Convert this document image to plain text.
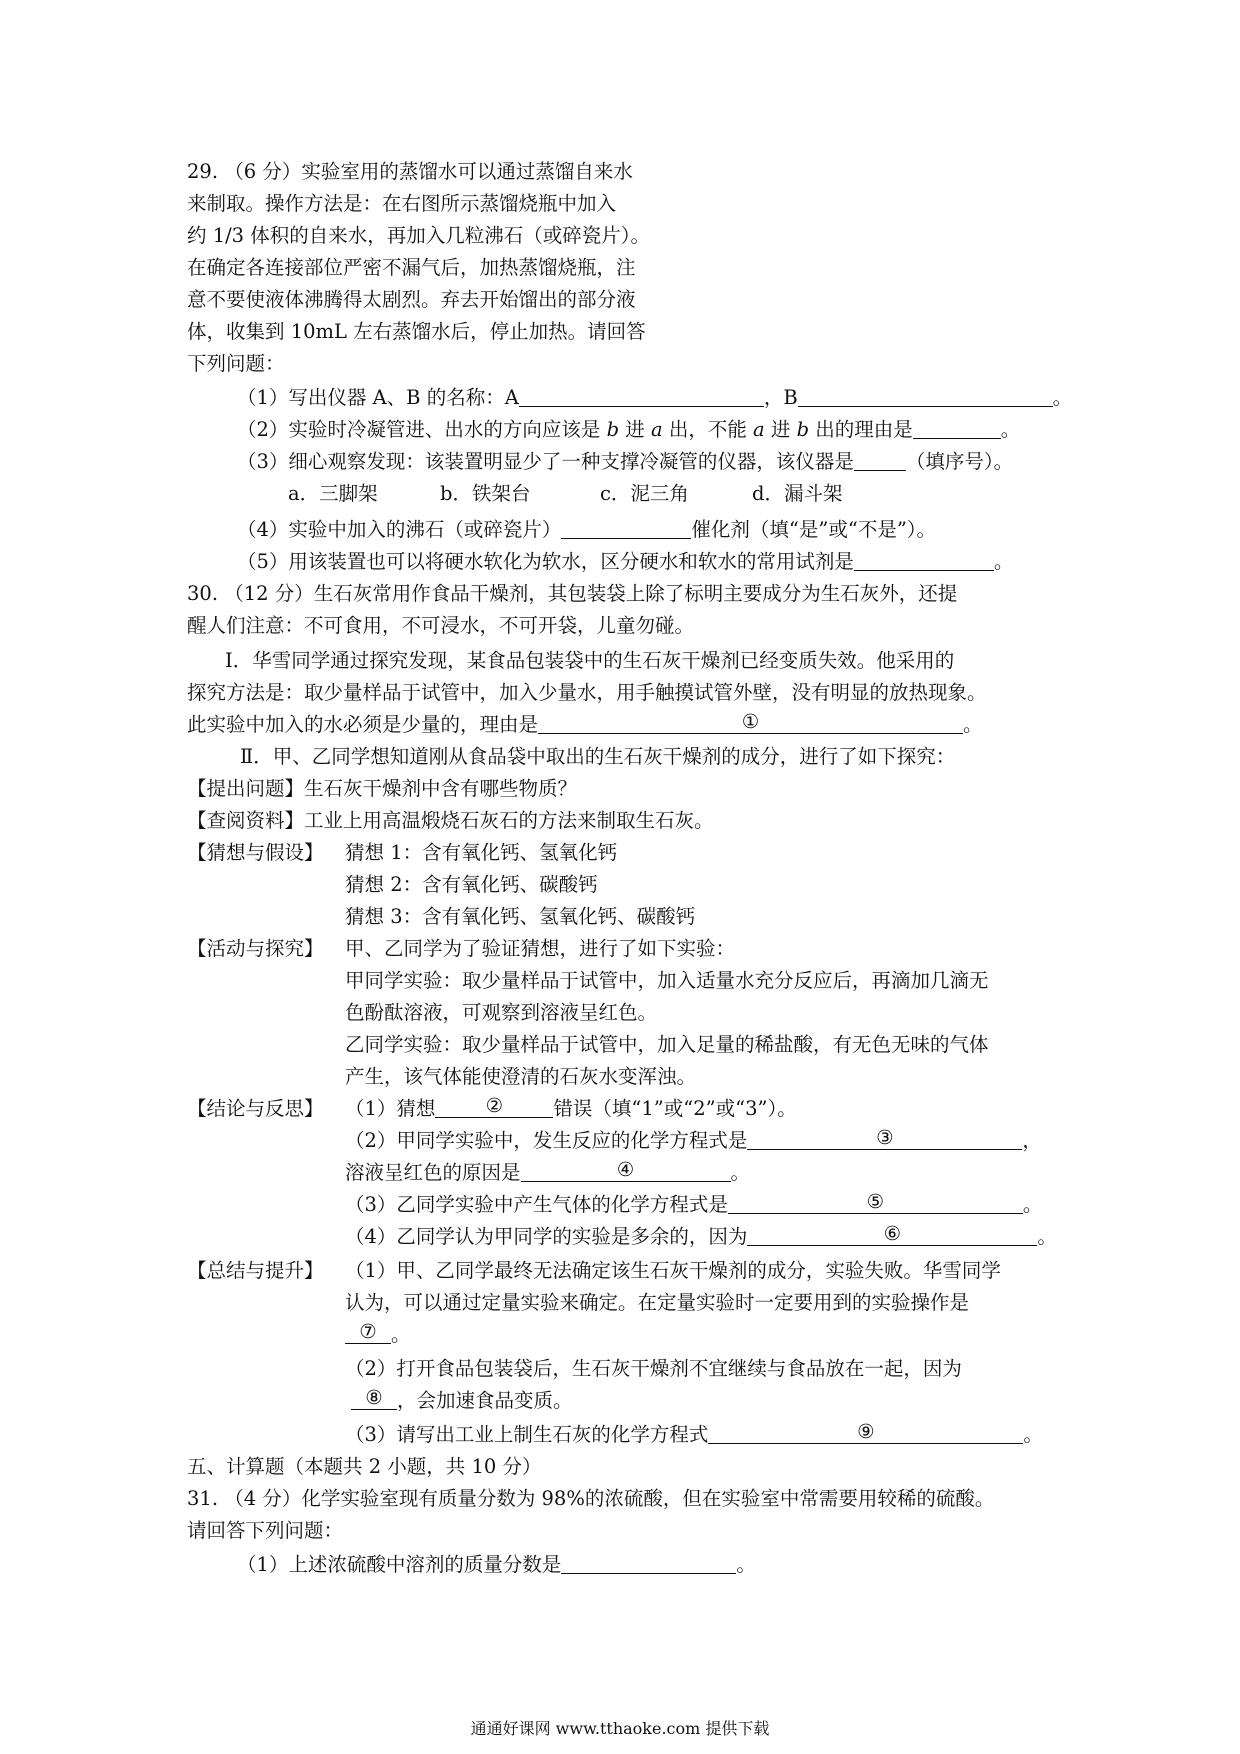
29. （6 分）实验室用的蒸馏水可以通过蒸馏自来水
来制取。操作方法是：在右图所示蒸馏烧瓶中加入
约 1/3 体积的自来水，再加入几粒沸石（或碎瓷片）。
在确定各连接部位严密不漏气后，加热蒸馏烧瓶，注
意不要使液体沸腾得太剧烈。弃去开始馏出的部分液
体，收集到 10mL 左右蒸馏水后，停止加热。请回答
下列问题：
（1）写出仪器 A、B 的名称：A	，B	。
（2）实验时冷凝管进、出水的方向应该是 b 进 a 出，不能 a 进 b 出的理由是	。
（3）细心观察发现：该装置明显少了一种支撑冷凝管的仪器，该仪器是	（填序号）。
a．三脚架	b．铁架台	c．泥三角	d．漏斗架
（4）实验中加入的沸石（或碎瓷片）	催化剂（填“是”或“不是”）。
（5）用该装置也可以将硬水软化为软水，区分硬水和软水的常用试剂是	。
30. （12 分）生石灰常用作食品干燥剂，其包装袋上除了标明主要成分为生石灰外，还提
醒人们注意：不可食用，不可浸水，不可开袋，儿童勿碰。
Ⅰ．华雪同学通过探究发现，某食品包装袋中的生石灰干燥剂已经变质失效。他采用的
探究方法是：取少量样品于试管中，加入少量水，用手触摸试管外壁，没有明显的放热现象。
此实验中加入的水必须是少量的，理由是	①	。
Ⅱ．甲、乙同学想知道刚从食品袋中取出的生石灰干燥剂的成分，进行了如下探究：
【提出问题】生石灰干燥剂中含有哪些物质？
【查阅资料】工业上用高温煅烧石灰石的方法来制取生石灰。
【猜想与假设】 猜想 1：含有氧化钙、氢氧化钙
猜想 2：含有氧化钙、碳酸钙
猜想 3：含有氧化钙、氢氧化钙、碳酸钙
【活动与探究】 甲、乙同学为了验证猜想，进行了如下实验：
甲同学实验：取少量样品于试管中，加入适量水充分反应后，再滴加几滴无
色酚酞溶液，可观察到溶液呈红色。
乙同学实验：取少量样品于试管中，加入足量的稀盐酸，有无色无味的气体
产生，该气体能使澄清的石灰水变浑浊。
【结论与反思】 （1）猜想	②	错误（填“1”或“2”或“3”）。
（2）甲同学实验中，发生反应的化学方程式是	③	，
溶液呈红色的原因是	④	。
（3）乙同学实验中产生气体的化学方程式是	⑤	。
（4）乙同学认为甲同学的实验是多余的，因为	⑥	。
【总结与提升】 （1）甲、乙同学最终无法确定该生石灰干燥剂的成分，实验失败。华雪同学
认为，可以通过定量实验来确定。在定量实验时一定要用到的实验操作是
⑦ 。
（2）打开食品包装袋后，生石灰干燥剂不宜继续与食品放在一起，因为
⑧ ，会加速食品变质。
（3）请写出工业上制生石灰的化学方程式	⑨	。
五、计算题（本题共 2 小题，共 10 分）
31. （4 分）化学实验室现有质量分数为 98%的浓硫酸，但在实验室中常需要用较稀的硫酸。
请回答下列问题：
（1）上述浓硫酸中溶剂的质量分数是	。
通通好课网 www.tthaoke.com 提供下载
